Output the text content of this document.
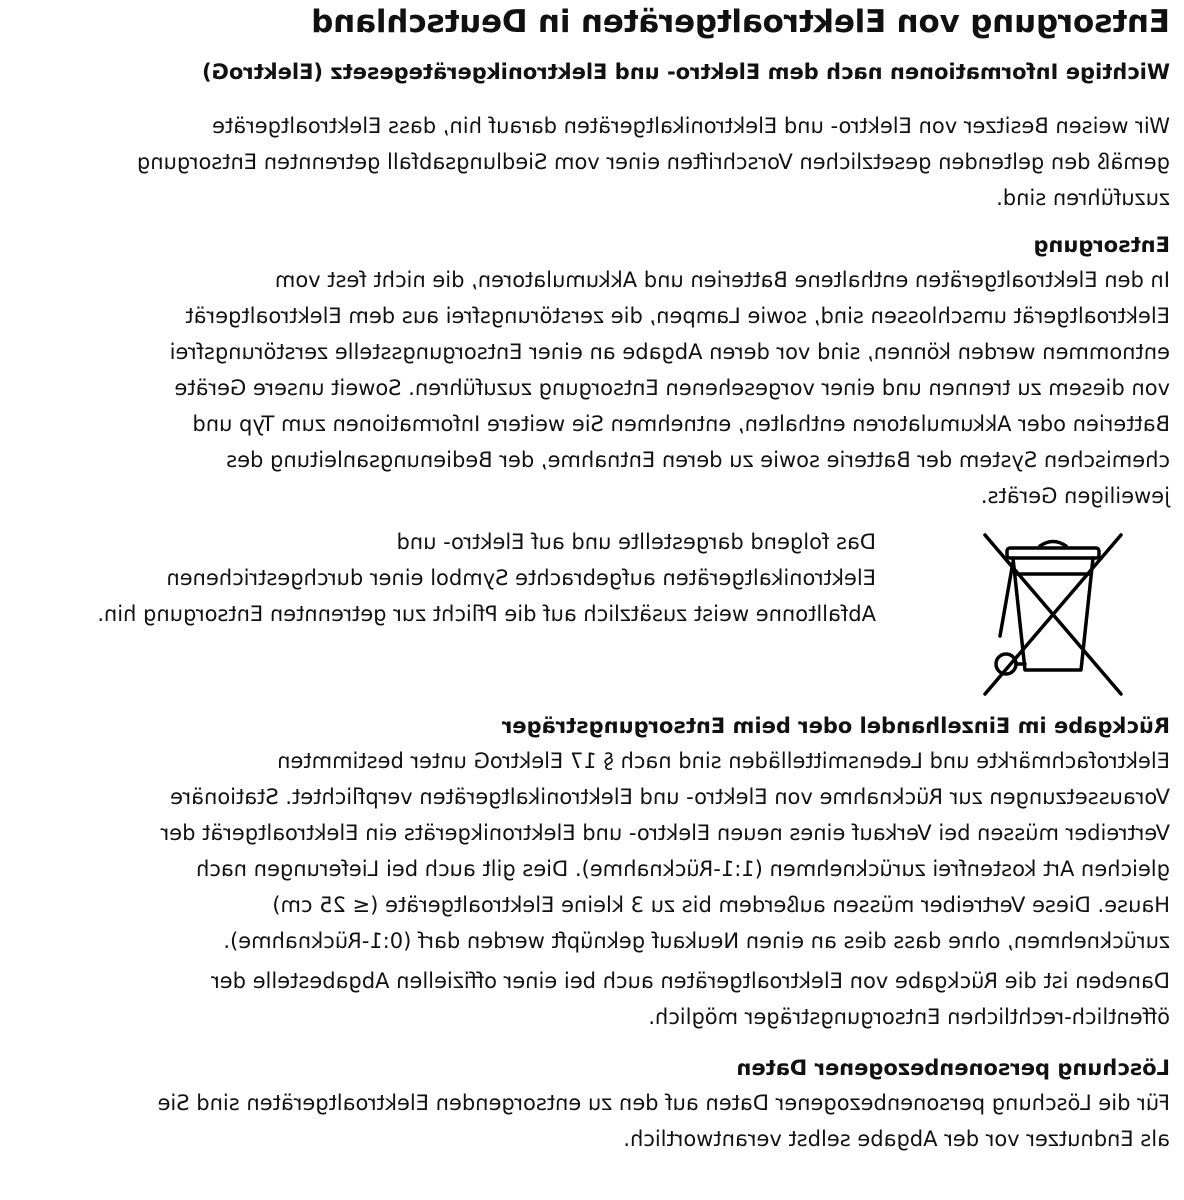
Entsorgung von Elektroaltgeräten in Deutschland
Wichtige Informationen nach dem Elektro- und Elektronikgerätegesetz (ElektroG)

Wir weisen Besitzer von Elektro- und Elektronikaltgeräten darauf hin, dass Elektroaltgeräte
gemäß den geltenden gesetzlichen Vorschriften einer vom Siedlungsabfall getrennten Entsorgung
zuzuführen sind.

Entsorgung

In den Elektroaltgeräten enthaltene Batterien und Akkumulatoren, die nicht fest vom
Elektroaltgerät umschlossen sind, sowie Lampen, die zerstörungsfrei aus dem Elektroaltgerät
entnommen werden können, sind vor deren Abgabe an einer Entsorgungsstelle zerstörungsfrei
von diesem zu trennen und einer vorgesehenen Entsorgung zuzuführen. Soweit unsere Geräte
Batterien oder Akkumulatoren enthalten, entnehmen Sie weitere Informationen zum Typ und
chemischen System der Batterie sowie zu deren Entnahme, der Bedienungsanleitung des
jeweiligen Geräts.

Das folgend dargestellte und auf Elektro- und
Elektronikaltgeräten aufgebrachte Symbol einer durchgestrichenen
Abfalltonne weist zusätzlich auf die Pflicht zur getrennten Entsorgung hin.

Rückgabe im Einzelhandel oder beim Entsorgungsträger

Elektrofachmärkte und Lebensmittelläden sind nach § 17 ElektroG unter bestimmten
Voraussetzungen zur Rücknahme von Elektro- und Elektronikaltgeräten verpflichtet. Stationäre
Vertreiber müssen bei Verkauf eines neuen Elektro- und Elektronikgeräts ein Elektroaltgerät der
gleichen Art kostenfrei zurücknehmen (1:1-Rücknahme). Dies gilt auch bei Lieferungen nach
Hause. Diese Vertreiber müssen außerdem bis zu 3 kleine Elektroaltgeräte (≤ 25 cm)
zurücknehmen, ohne dass dies an einen Neukauf geknüpft werden darf (0:1-Rücknahme).

Daneben ist die Rückgabe von Elektroaltgeräten auch bei einer offiziellen Abgabestelle der
öffentlich-rechtlichen Entsorgungsträger möglich.

Löschung personenbezogener Daten

Für die Löschung personenbezogener Daten auf den zu entsorgenden Elektroaltgeräten sind Sie
als Endnutzer vor der Abgabe selbst verantwortlich.
